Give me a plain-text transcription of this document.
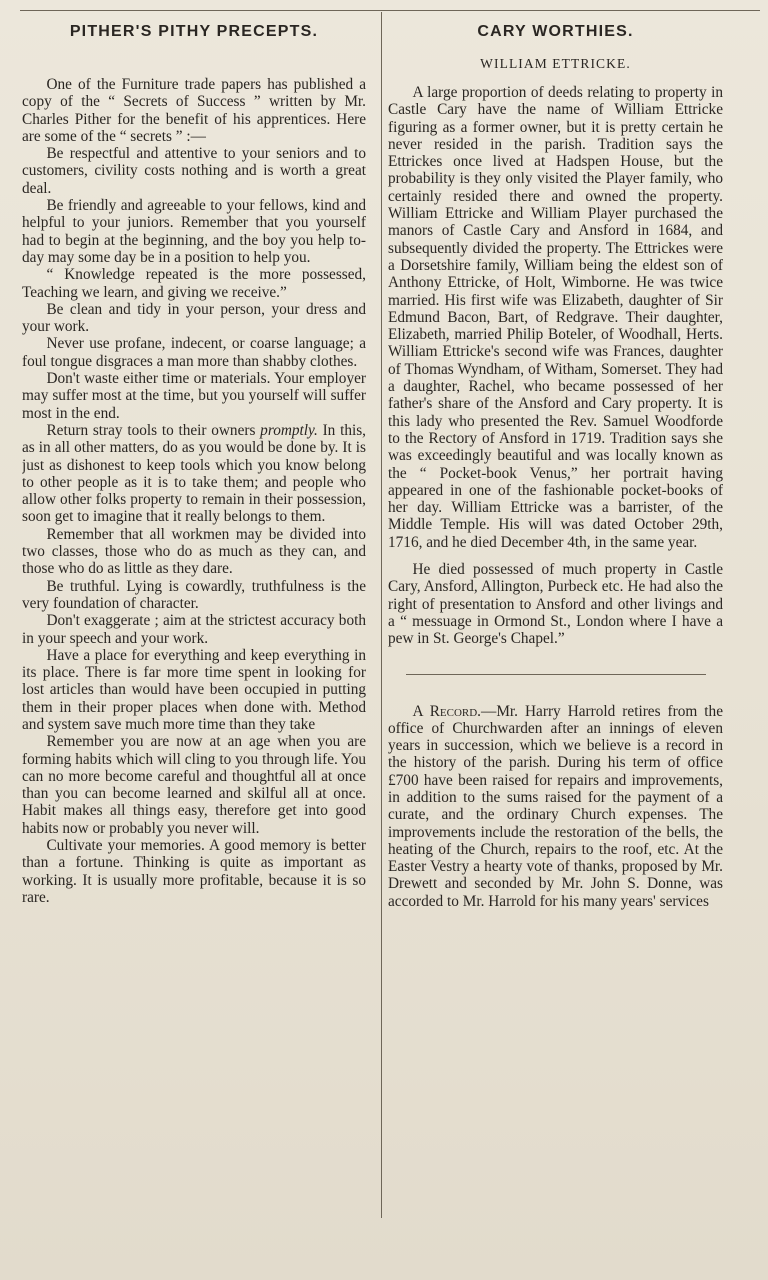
PITHER'S PITHY PRECEPTS.

One of the Furniture trade papers has published a copy of the “ Secrets of Success ” written by Mr. Charles Pither for the benefit of his apprentices. Here are some of the “ secrets ” :—

Be respectful and attentive to your seniors and to customers, civility costs nothing and is worth a great deal.

Be friendly and agreeable to your fellows, kind and helpful to your juniors. Remember that you yourself had to begin at the beginning, and the boy you help to-day may some day be in a position to help you.

“ Knowledge repeated is the more possessed, Teaching we learn, and giving we receive.”

Be clean and tidy in your person, your dress and your work.

Never use profane, indecent, or coarse language; a foul tongue disgraces a man more than shabby clothes.

Don't waste either time or materials. Your employer may suffer most at the time, but you yourself will suffer most in the end.

Return stray tools to their owners promptly. In this, as in all other matters, do as you would be done by. It is just as dishonest to keep tools which you know belong to other people as it is to take them; and people who allow other folks property to remain in their possession, soon get to imagine that it really belongs to them.

Remember that all workmen may be divided into two classes, those who do as much as they can, and those who do as little as they dare.

Be truthful. Lying is cowardly, truthfulness is the very foundation of character.

Don't exaggerate ; aim at the strictest accuracy both in your speech and your work.

Have a place for everything and keep everything in its place. There is far more time spent in looking for lost articles than would have been occupied in putting them in their proper places when done with. Method and system save much more time than they take

Remember you are now at an age when you are forming habits which will cling to you through life. You can no more become careful and thoughtful all at once than you can become learned and skilful all at once. Habit makes all things easy, therefore get into good habits now or probably you never will.

Cultivate your memories. A good memory is better than a fortune. Thinking is quite as important as working. It is usually more profitable, because it is so rare.

CARY WORTHIES.
WILLIAM ETTRICKE.

A large proportion of deeds relating to property in Castle Cary have the name of William Ettricke figuring as a former owner, but it is pretty certain he never resided in the parish. Tradition says the Ettrickes once lived at Hadspen House, but the probability is they only visited the Player family, who certainly resided there and owned the property. William Ettricke and William Player purchased the manors of Castle Cary and Ansford in 1684, and subsequently divided the property. The Ettrickes were a Dorsetshire family, William being the eldest son of Anthony Ettricke, of Holt, Wimborne. He was twice married. His first wife was Elizabeth, daughter of Sir Edmund Bacon, Bart, of Redgrave. Their daughter, Elizabeth, married Philip Boteler, of Woodhall, Herts. William Ettricke's second wife was Frances, daughter of Thomas Wyndham, of Witham, Somerset. They had a daughter, Rachel, who became possessed of her father's share of the Ansford and Cary property. It is this lady who presented the Rev. Samuel Woodforde to the Rectory of Ansford in 1719. Tradition says she was exceedingly beautiful and was locally known as the “ Pocket-book Venus,” her portrait having appeared in one of the fashionable pocket-books of her day. William Ettricke was a barrister, of the Middle Temple. His will was dated October 29th, 1716, and he died December 4th, in the same year.

He died possessed of much property in Castle Cary, Ansford, Allington, Purbeck etc. He had also the right of presentation to Ansford and other livings and a “ messuage in Ormond St., London where I have a pew in St. George's Chapel.”

A Record.—Mr. Harry Harrold retires from the office of Churchwarden after an innings of eleven years in succession, which we believe is a record in the history of the parish. During his term of office £700 have been raised for repairs and improvements, in addition to the sums raised for the payment of a curate, and the ordinary Church expenses. The improvements include the restoration of the bells, the heating of the Church, repairs to the roof, etc. At the Easter Vestry a hearty vote of thanks, proposed by Mr. Drewett and seconded by Mr. John S. Donne, was accorded to Mr. Harrold for his many years' services
